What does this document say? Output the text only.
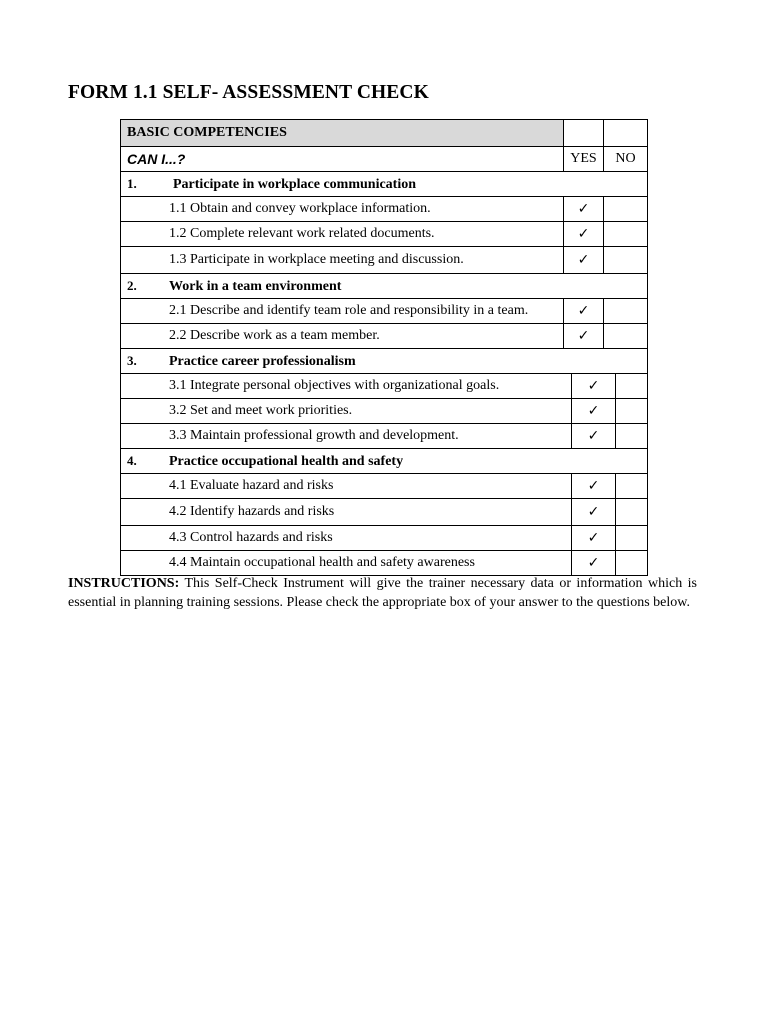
FORM 1.1 SELF- ASSESSMENT CHECK
BASIC COMPETENCIES		
CAN I...?	YES	NO
1. Participate in workplace communication		
1.1 Obtain and convey workplace information.	✓	
1.2 Complete relevant work related documents.	✓	
1.3 Participate in workplace meeting and discussion.	✓	
2. Work in a team environment		
2.1 Describe and identify team role and responsibility in a team.	✓	
2.2 Describe work as a team member.	✓	
3. Practice career professionalism		
3.1 Integrate personal objectives with organizational goals.	✓	
3.2 Set and meet work priorities.	✓	
3.3 Maintain professional growth and development.	✓	
4. Practice occupational health and safety		
4.1 Evaluate hazard and risks	✓	
4.2 Identify hazards and risks	✓	
4.3 Control hazards and risks	✓	
4.4 Maintain occupational health and safety awareness	✓	
INSTRUCTIONS: This Self-Check Instrument will give the trainer necessary data or information which is essential in planning training sessions. Please check the appropriate box of your answer to the questions below.
